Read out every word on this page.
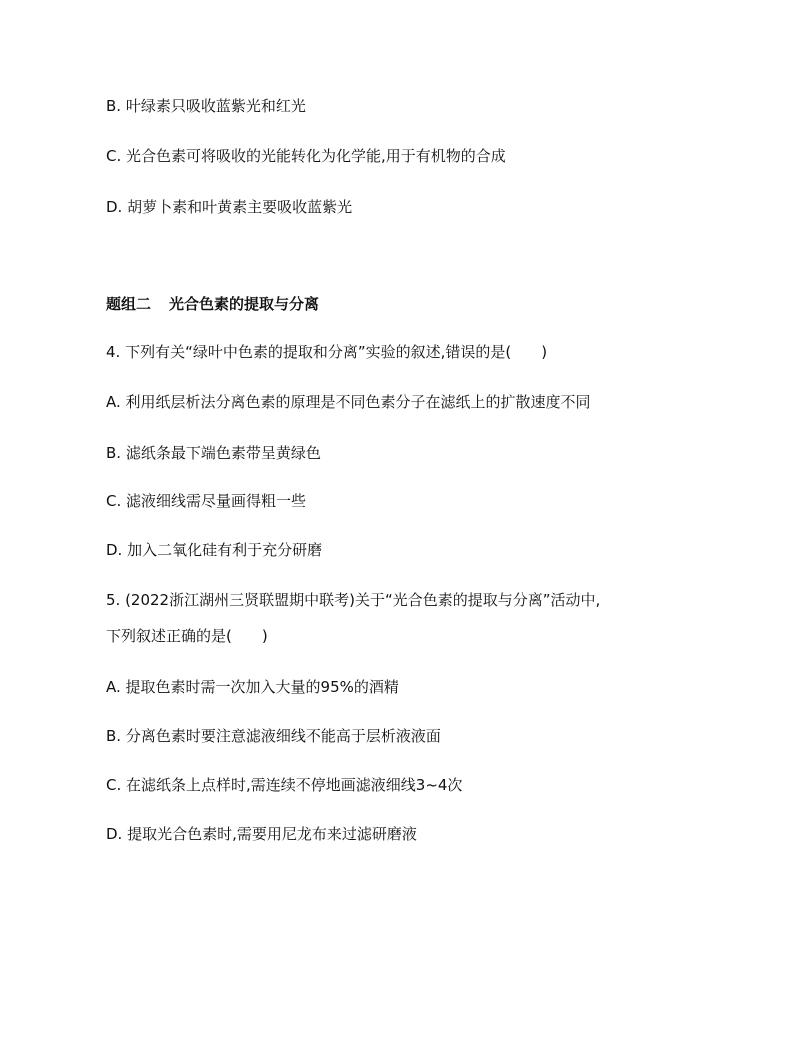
B. 叶绿素只吸收蓝紫光和红光
C. 光合色素可将吸收的光能转化为化学能,用于有机物的合成
D. 胡萝卜素和叶黄素主要吸收蓝紫光
题组二 光合色素的提取与分离
4. 下列有关“绿叶中色素的提取和分离”实验的叙述,错误的是(　　)
A. 利用纸层析法分离色素的原理是不同色素分子在滤纸上的扩散速度不同
B. 滤纸条最下端色素带呈黄绿色
C. 滤液细线需尽量画得粗一些
D. 加入二氧化硅有利于充分研磨
5. (2022浙江湖州三贤联盟期中联考)关于“光合色素的提取与分离”活动中,
下列叙述正确的是(　　)
A. 提取色素时需一次加入大量的95%的酒精
B. 分离色素时要注意滤液细线不能高于层析液液面
C. 在滤纸条上点样时,需连续不停地画滤液细线3~4次
D. 提取光合色素时,需要用尼龙布来过滤研磨液
